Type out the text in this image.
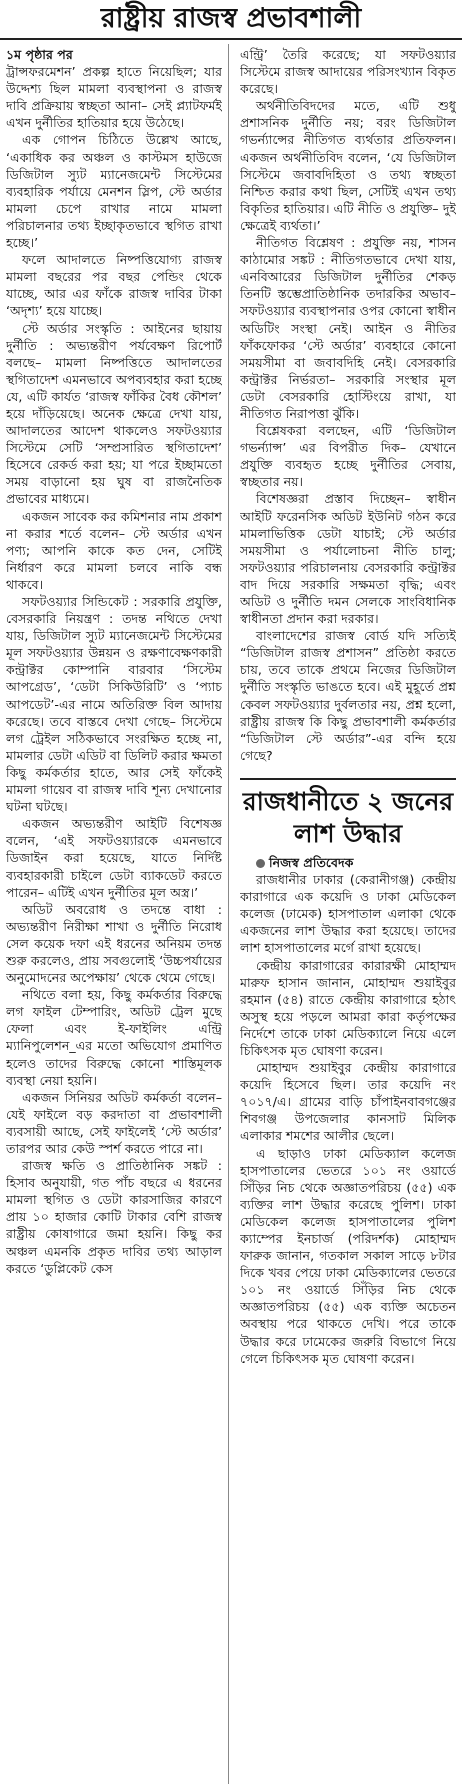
রাষ্ট্রীয় রাজস্ব প্রভাবশালী

১ম পৃষ্ঠার পর

ট্রান্সফরমেশন’ প্রকল্প হাতে নিয়েছিল; যার উদ্দেশ্য ছিল মামলা ব্যবস্থাপনা ও রাজস্ব দাবি প্রক্রিয়ায় স্বচ্ছতা আনা– সেই প্ল্যাটফর্মই এখন দুর্নীতির হাতিয়ার হয়ে উঠেছে।

এক গোপন চিঠিতে উল্লেখ আছে, ‘একাধিক কর অঞ্চল ও কাস্টমস হাউজে ডিজিটাল স্যুট ম্যানেজমেন্ট সিস্টেমের ব্যবহারিক পর্যায়ে মেনশন স্লিপ, স্টে অর্ডার মামলা চেপে রাখার নামে মামলা পরিচালনার তথ্য ইচ্ছাকৃতভাবে স্থগিত রাখা হচ্ছে।’

ফলে আদালতে নিষ্পত্তিযোগ্য রাজস্ব মামলা বছরের পর বছর পেন্ডিং থেকে যাচ্ছে, আর এর ফাঁকে রাজস্ব দাবির টাকা ‘অদৃশ্য’ হয়ে যাচ্ছে।

স্টে অর্ডার সংস্কৃতি : আইনের ছায়ায় দুর্নীতি : অভ্যন্তরীণ পর্যবেক্ষণ রিপোর্ট বলছে– মামলা নিষ্পত্তিতে আদালতের স্থগিতাদেশ এমনভাবে অপব্যবহার করা হচ্ছে যে, এটি কার্যত ‘রাজস্ব ফাঁকির বৈধ কৌশল’ হয়ে দাঁড়িয়েছে। অনেক ক্ষেত্রে দেখা যায়, আদালতের আদেশ থাকলেও সফটওয়্যার সিস্টেমে সেটি ‘সম্প্রসারিত স্থগিতাদেশ’ হিসেবে রেকর্ড করা হয়; যা পরে ইচ্ছামতো সময় বাড়ানো হয় ঘুষ বা রাজনৈতিক প্রভাবের মাধ্যমে।

একজন সাবেক কর কমিশনার নাম প্রকাশ না করার শর্তে বলেন– স্টে অর্ডার এখন পণ্য; আপনি কাকে কত দেন, সেটিই নির্ধারণ করে মামলা চলবে নাকি বন্ধ থাকবে।

সফটওয়্যার সিন্ডিকেট : সরকারি প্রযুক্তি, বেসরকারি নিয়ন্ত্রণ : তদন্ত নথিতে দেখা যায়, ডিজিটাল স্যুট ম্যানেজমেন্ট সিস্টেমের মূল সফটওয়্যার উন্নয়ন ও রক্ষণাবেক্ষণকারী কন্ট্রাক্টর কোম্পানি বারবার ‘সিস্টেম আপগ্রেড’, ‘ডেটা সিকিউরিটি’ ও ‘প্যাচ আপডেট’-এর নামে অতিরিক্ত বিল আদায় করেছে। তবে বাস্তবে দেখা গেছে– সিস্টেমে লগ ট্রেইল সঠিকভাবে সংরক্ষিত হচ্ছে না, মামলার ডেটা এডিট বা ডিলিট করার ক্ষমতা কিছু কর্মকর্তার হাতে, আর সেই ফাঁকেই মামলা গায়েব বা রাজস্ব দাবি শূন্য দেখানোর ঘটনা ঘটছে।

একজন অভ্যন্তরীণ আইটি বিশেষজ্ঞ বলেন, ‘এই সফটওয়্যারকে এমনভাবে ডিজাইন করা হয়েছে, যাতে নির্দিষ্ট ব্যবহারকারী চাইলে ডেটা ব্যাকডেট করতে পারেন– এটিই এখন দুর্নীতির মূল অস্ত্র।’

অডিট অবরোধ ও তদন্তে বাধা : অভ্যন্তরীণ নিরীক্ষা শাখা ও দুর্নীতি নিরোধ সেল কয়েক দফা এই ধরনের অনিয়ম তদন্ত শুরু করলেও, প্রায় সবগুলোই ‘উচ্চপর্যায়ের অনুমোদনের অপেক্ষায়’ থেকে থেমে গেছে।

নথিতে বলা হয়, কিছু কর্মকর্তার বিরুদ্ধে লগ ফাইল টেম্পারিং, অডিট ট্রেল মুছে ফেলা এবং ই-ফাইলিং এন্ট্রি ম্যানিপুলেশন_এর মতো অভিযোগ প্রমাণিত হলেও তাদের বিরুদ্ধে কোনো শাস্তিমূলক ব্যবস্থা নেয়া হয়নি।

একজন সিনিয়র অডিট কর্মকর্তা বলেন– যেই ফাইলে বড় করদাতা বা প্রভাবশালী ব্যবসায়ী আছে, সেই ফাইলেই ‘স্টে অর্ডার’ তারপর আর কেউ স্পর্শ করতে পারে না।

রাজস্ব ক্ষতি ও প্রাতিষ্ঠানিক সঙ্কট : হিসাব অনুযায়ী, গত পাঁচ বছরে এ ধরনের মামলা স্থগিত ও ডেটা কারসাজির কারণে প্রায় ১০ হাজার কোটি টাকার বেশি রাজস্ব রাষ্ট্রীয় কোষাগারে জমা হয়নি। কিছু কর অঞ্চল এমনকি প্রকৃত দাবির তথ্য আড়াল করতে ‘ডুপ্লিকেট কেস

এন্ট্রি’ তৈরি করেছে; যা সফটওয়্যার সিস্টেমে রাজস্ব আদায়ের পরিসংখ্যান বিকৃত করেছে।

অর্থনীতিবিদদের মতে, এটি শুধু প্রশাসনিক দুর্নীতি নয়; বরং ডিজিটাল গভর্ন্যান্সের নীতিগত ব্যর্থতার প্রতিফলন। একজন অর্থনীতিবিদ বলেন, ‘যে ডিজিটাল সিস্টেমে জবাবদিহিতা ও তথ্য স্বচ্ছতা নিশ্চিত করার কথা ছিল, সেটিই এখন তথ্য বিকৃতির হাতিয়ার। এটি নীতি ও প্রযুক্তি– দুই ক্ষেত্রেই ব্যর্থতা।’

নীতিগত বিশ্লেষণ : প্রযুক্তি নয়, শাসন কাঠামোর সঙ্কট : নীতিগতভাবে দেখা যায়, এনবিআরের ডিজিটাল দুর্নীতির শেকড় তিনটি স্তম্ভেপ্রাতিষ্ঠানিক তদারকির অভাব– সফটওয়্যার ব্যবস্থাপনার ওপর কোনো স্বাধীন অডিটিং সংস্থা নেই। আইন ও নীতির ফাঁকফোকর ‘স্টে অর্ডার’ ব্যবহারে কোনো সময়সীমা বা জবাবদিহি নেই। বেসরকারি কন্ট্রাক্টর নির্ভরতা– সরকারি সংস্থার মূল ডেটা বেসরকারি হোস্টিংয়ে রাখা, যা নীতিগত নিরাপত্তা ঝুঁকি।

বিশ্লেষকরা বলছেন, এটি ‘ডিজিটাল গভর্ন্যান্স’ এর বিপরীত দিক– যেখানে প্রযুক্তি ব্যবহৃত হচ্ছে দুর্নীতির সেবায়, স্বচ্ছতার নয়।

বিশেষজ্ঞরা প্রস্তাব দিচ্ছেন– স্বাধীন আইটি ফরেনসিক অডিট ইউনিট গঠন করে মামলাভিত্তিক ডেটা যাচাই; স্টে অর্ডার সময়সীমা ও পর্যালোচনা নীতি চালু; সফটওয়্যার পরিচালনায় বেসরকারি কন্ট্রাক্টর বাদ দিয়ে সরকারি সক্ষমতা বৃদ্ধি; এবং অডিট ও দুর্নীতি দমন সেলকে সাংবিধানিক স্বাধীনতা প্রদান করা দরকার।

বাংলাদেশের রাজস্ব বোর্ড যদি সত্যিই “ডিজিটাল রাজস্ব প্রশাসন” প্রতিষ্ঠা করতে চায়, তবে তাকে প্রথমে নিজের ডিজিটাল দুর্নীতি সংস্কৃতি ভাঙতে হবে। এই মুহূর্তে প্রশ্ন কেবল সফটওয়্যার দুর্বলতার নয়, প্রশ্ন হলো, রাষ্ট্রীয় রাজস্ব কি কিছু প্রভাবশালী কর্মকর্তার “ডিজিটাল স্টে অর্ডার”-এর বন্দি হয়ে গেছে?

রাজধানীতে ২ জনের লাশ উদ্ধার

নিজস্ব প্রতিবেদক

রাজধানীর ঢাকার (কেরানীগঞ্জ) কেন্দ্রীয় কারাগারে এক কয়েদি ও ঢাকা মেডিকেল কলেজ (ঢামেক) হাসপাতাল এলাকা থেকে একজনের লাশ উদ্ধার করা হয়েছে। তাদের লাশ হাসপাতালের মর্গে রাখা হয়েছে।

কেন্দ্রীয় কারাগারের কারারক্ষী মোহাম্মদ মারুফ হাসান জানান, মোহাম্মদ শুয়াইবুর রহমান (৫৪) রাতে কেন্দ্রীয় কারাগারে হঠাৎ অসুস্থ হয়ে পড়লে আমরা কারা কর্তৃপক্ষের নির্দেশে তাকে ঢাকা মেডিক্যালে নিয়ে এলে চিকিৎসক মৃত ঘোষণা করেন।

মোহাম্মদ শুয়াইবুর কেন্দ্রীয় কারাগারে কয়েদি হিসেবে ছিল। তার কয়েদি নং ৭০১৭/এ। গ্রামের বাড়ি চাঁপাইনবাবগঞ্জের শিবগঞ্জ উপজেলার কানসাট মিলিক এলাকার শমশের আলীর ছেলে।

এ ছাড়াও ঢাকা মেডিক্যাল কলেজ হাসপাতালের ভেতরে ১০১ নং ওয়ার্ডে সিঁড়ির নিচ থেকে অজ্ঞাতপরিচয় (৫৫) এক ব্যক্তির লাশ উদ্ধার করেছে পুলিশ। ঢাকা মেডিকেল কলেজ হাসপাতালের পুলিশ ক্যাম্পের ইনচার্জ (পরিদর্শক) মোহাম্মদ ফারুক জানান, গতকাল সকাল সাড়ে ৮টার দিকে খবর পেয়ে ঢাকা মেডিক্যালের ভেতরে ১০১ নং ওয়ার্ডে সিঁড়ির নিচ থেকে অজ্ঞাতপরিচয় (৫৫) এক ব্যক্তি অচেতন অবস্থায় পরে থাকতে দেখি। পরে তাকে উদ্ধার করে ঢামেকের জরুরি বিভাগে নিয়ে গেলে চিকিৎসক মৃত ঘোষণা করেন।
